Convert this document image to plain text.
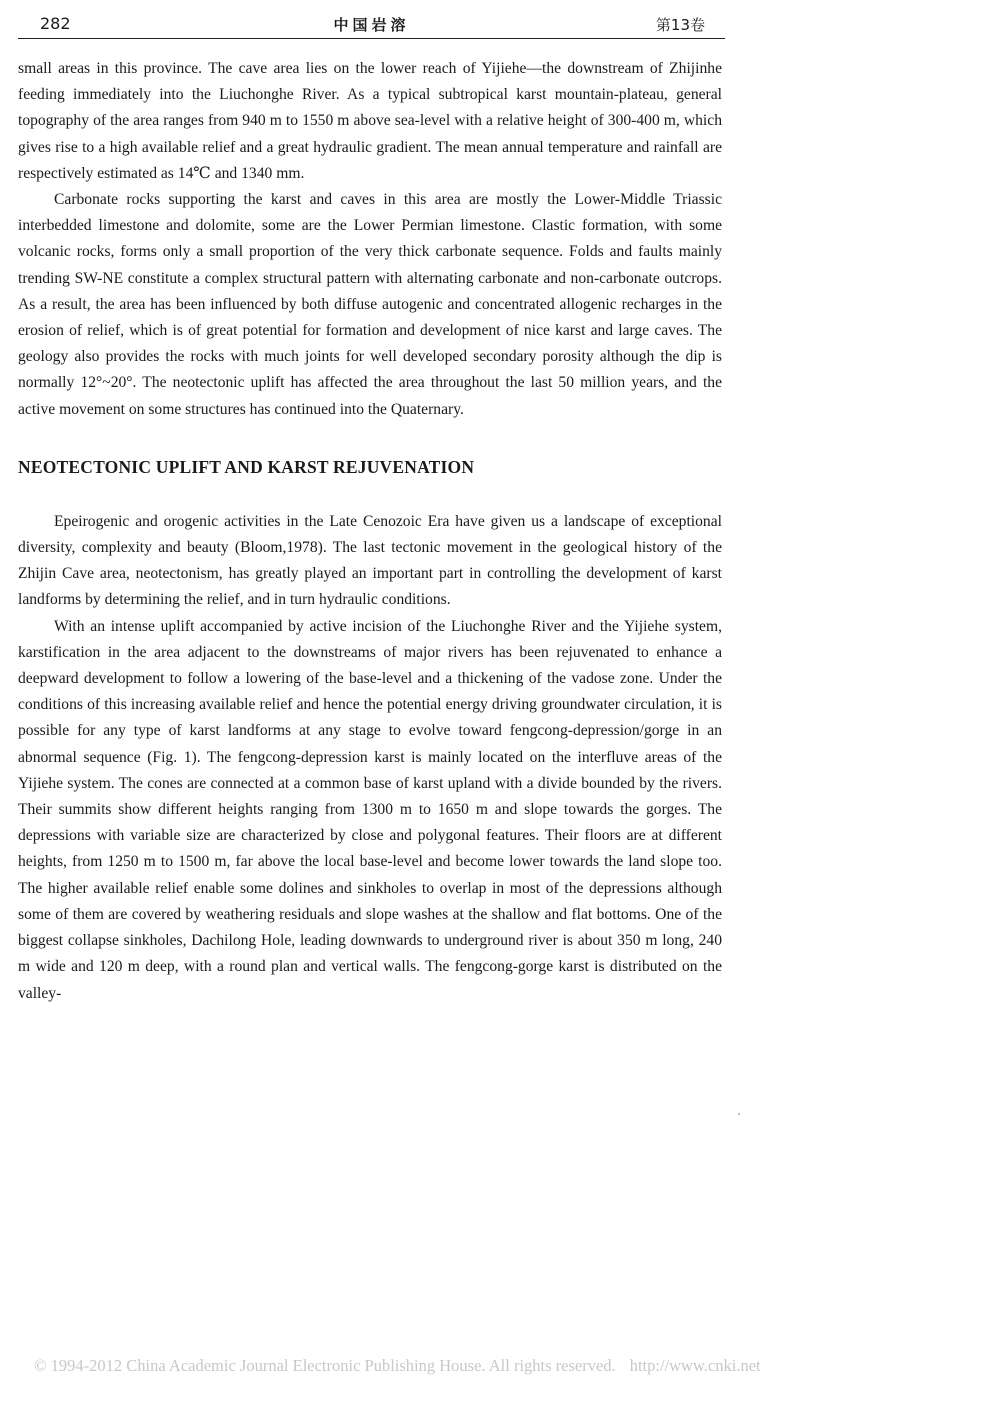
282	中国岩溶	第13卷

small areas in this province. The cave area lies on the lower reach of Yijiehe—the downstream of Zhijinhe feeding immediately into the Liuchonghe River. As a typical subtropical karst mountain-plateau, general topography of the area ranges from 940 m to 1550 m above sea-level with a relative height of 300-400 m, which gives rise to a high available relief and a great hydraulic gradient. The mean annual temperature and rainfall are respectively estimated as 14℃ and 1340 mm.

Carbonate rocks supporting the karst and caves in this area are mostly the Lower-Middle Triassic interbedded limestone and dolomite, some are the Lower Permian limestone. Clastic formation, with some volcanic rocks, forms only a small proportion of the very thick carbonate sequence. Folds and faults mainly trending SW-NE constitute a complex structural pattern with alternating carbonate and non-carbonate outcrops. As a result, the area has been influenced by both diffuse autogenic and concentrated allogenic recharges in the erosion of relief, which is of great potential for formation and development of nice karst and large caves. The geology also provides the rocks with much joints for well developed secondary porosity although the dip is normally 12°~20°. The neotectonic uplift has affected the area throughout the last 50 million years, and the active movement on some structures has continued into the Quaternary.

NEOTECTONIC UPLIFT AND KARST REJUVENATION

Epeirogenic and orogenic activities in the Late Cenozoic Era have given us a landscape of exceptional diversity, complexity and beauty (Bloom,1978). The last tectonic movement in the geological history of the Zhijin Cave area, neotectonism, has greatly played an important part in controlling the development of karst landforms by determining the relief, and in turn hydraulic conditions.

With an intense uplift accompanied by active incision of the Liuchonghe River and the Yijiehe system, karstification in the area adjacent to the downstreams of major rivers has been rejuvenated to enhance a deepward development to follow a lowering of the base-level and a thickening of the vadose zone. Under the conditions of this increasing available relief and hence the potential energy driving groundwater circulation, it is possible for any type of karst landforms at any stage to evolve toward fengcong-depression/gorge in an abnormal sequence (Fig. 1). The fengcong-depression karst is mainly located on the interfluve areas of the Yijiehe system. The cones are connected at a common base of karst upland with a divide bounded by the rivers. Their summits show different heights ranging from 1300 m to 1650 m and slope towards the gorges. The depressions with variable size are characterized by close and polygonal features. Their floors are at different heights, from 1250 m to 1500 m, far above the local base-level and become lower towards the land slope too. The higher available relief enable some dolines and sinkholes to overlap in most of the depressions although some of them are covered by weathering residuals and slope washes at the shallow and flat bottoms. One of the biggest collapse sinkholes, Dachilong Hole, leading downwards to underground river is about 350 m long, 240 m wide and 120 m deep, with a round plan and vertical walls. The fengcong-gorge karst is distributed on the valley-

© 1994-2012 China Academic Journal Electronic Publishing House. All rights reserved. http://www.cnki.net
